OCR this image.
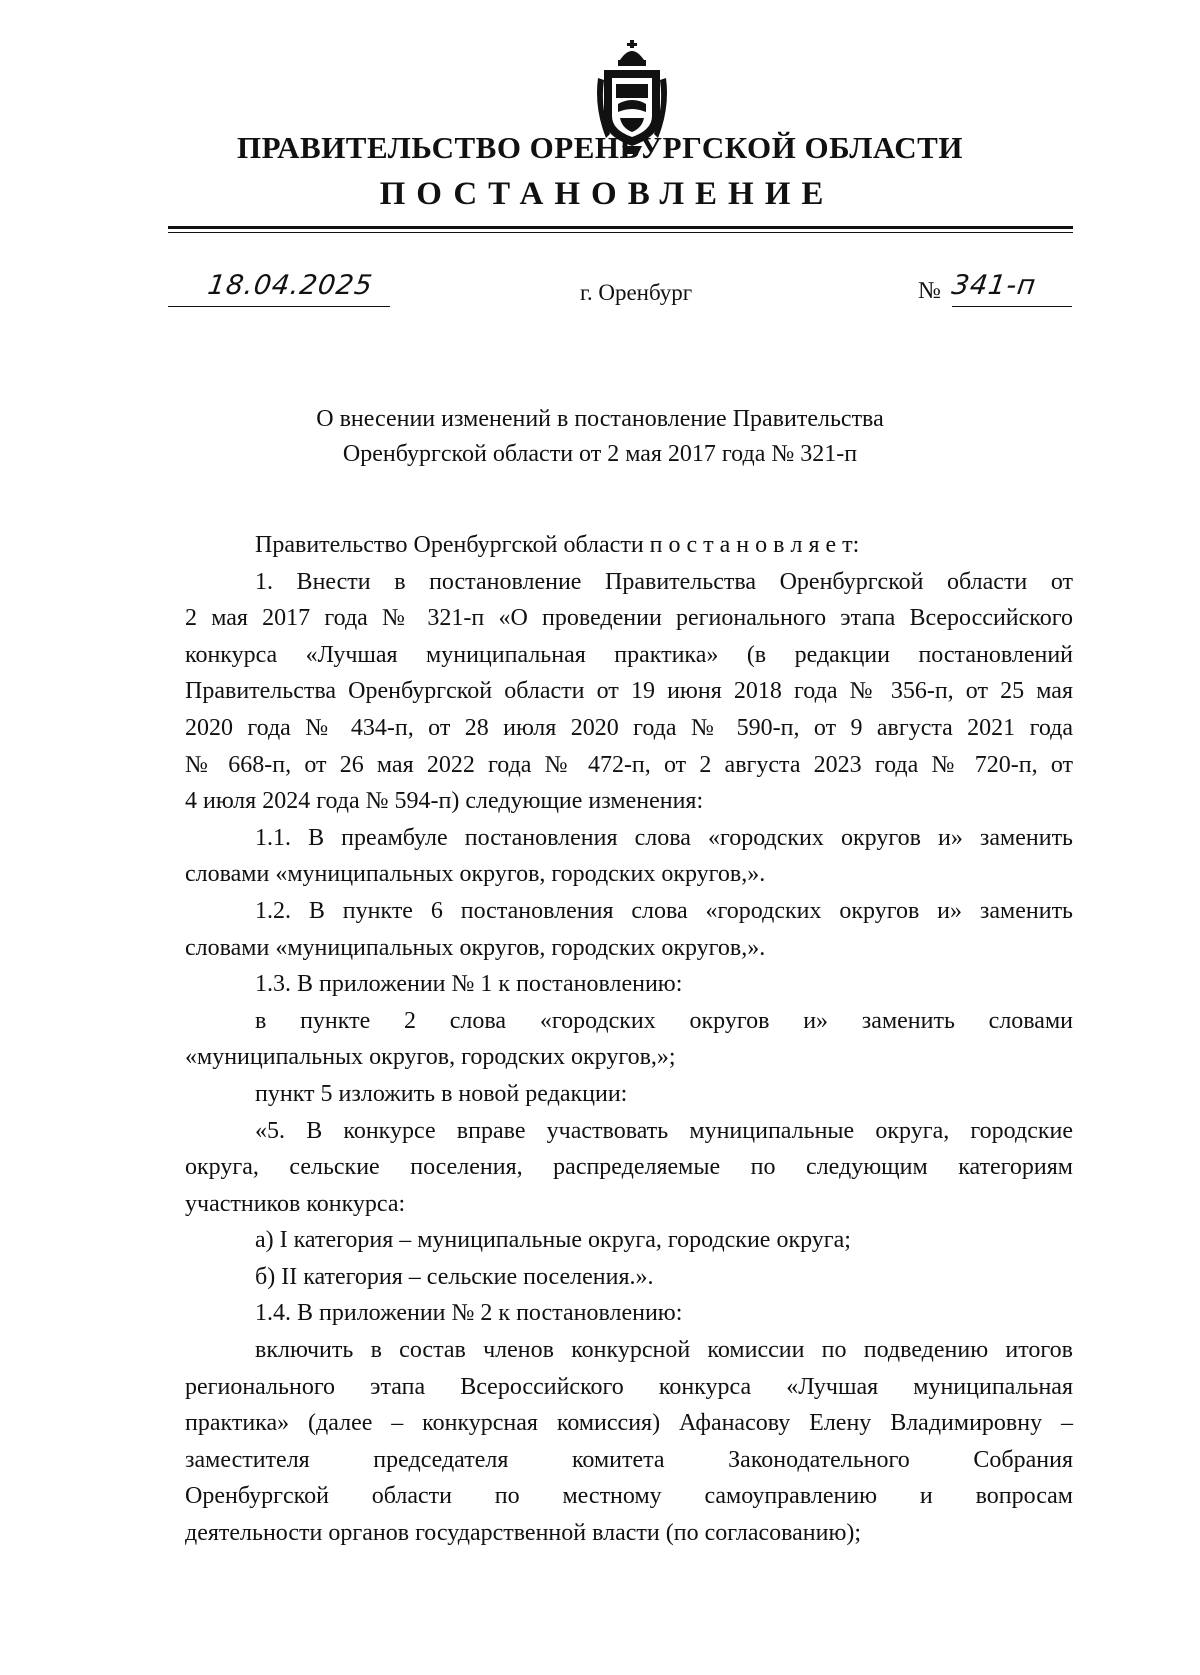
ПРАВИТЕЛЬСТВО ОРЕНБУРГСКОЙ ОБЛАСТИ
ПОСТАНОВЛЕНИЕ
18.04.2025	г. Оренбург	№ 341-п
О внесении изменений в постановление Правительства
Оренбургской области от 2 мая 2017 года № 321-п
Правительство Оренбургской области п о с т а н о в л я е т:
1. Внести в постановление Правительства Оренбургской области от
2 мая 2017 года № 321-п «О проведении регионального этапа Всероссийского
конкурса «Лучшая муниципальная практика» (в редакции постановлений
Правительства Оренбургской области от 19 июня 2018 года № 356-п, от 25 мая
2020 года № 434-п, от 28 июля 2020 года № 590-п, от 9 августа 2021 года
№ 668-п, от 26 мая 2022 года № 472-п, от 2 августа 2023 года № 720-п, от
4 июля 2024 года № 594-п) следующие изменения:
1.1. В преамбуле постановления слова «городских округов и» заменить
словами «муниципальных округов, городских округов,».
1.2. В пункте 6 постановления слова «городских округов и» заменить
словами «муниципальных округов, городских округов,».
1.3. В приложении № 1 к постановлению:
в пункте 2 слова «городских округов и» заменить словами
«муниципальных округов, городских округов,»;
пункт 5 изложить в новой редакции:
«5. В конкурсе вправе участвовать муниципальные округа, городские
округа, сельские поселения, распределяемые по следующим категориям
участников конкурса:
а) I категория – муниципальные округа, городские округа;
б) II категория – сельские поселения.».
1.4. В приложении № 2 к постановлению:
включить в состав членов конкурсной комиссии по подведению итогов
регионального этапа Всероссийского конкурса «Лучшая муниципальная
практика» (далее – конкурсная комиссия) Афанасову Елену Владимировну –
заместителя председателя комитета Законодательного Собрания
Оренбургской области по местному самоуправлению и вопросам
деятельности органов государственной власти (по согласованию);
